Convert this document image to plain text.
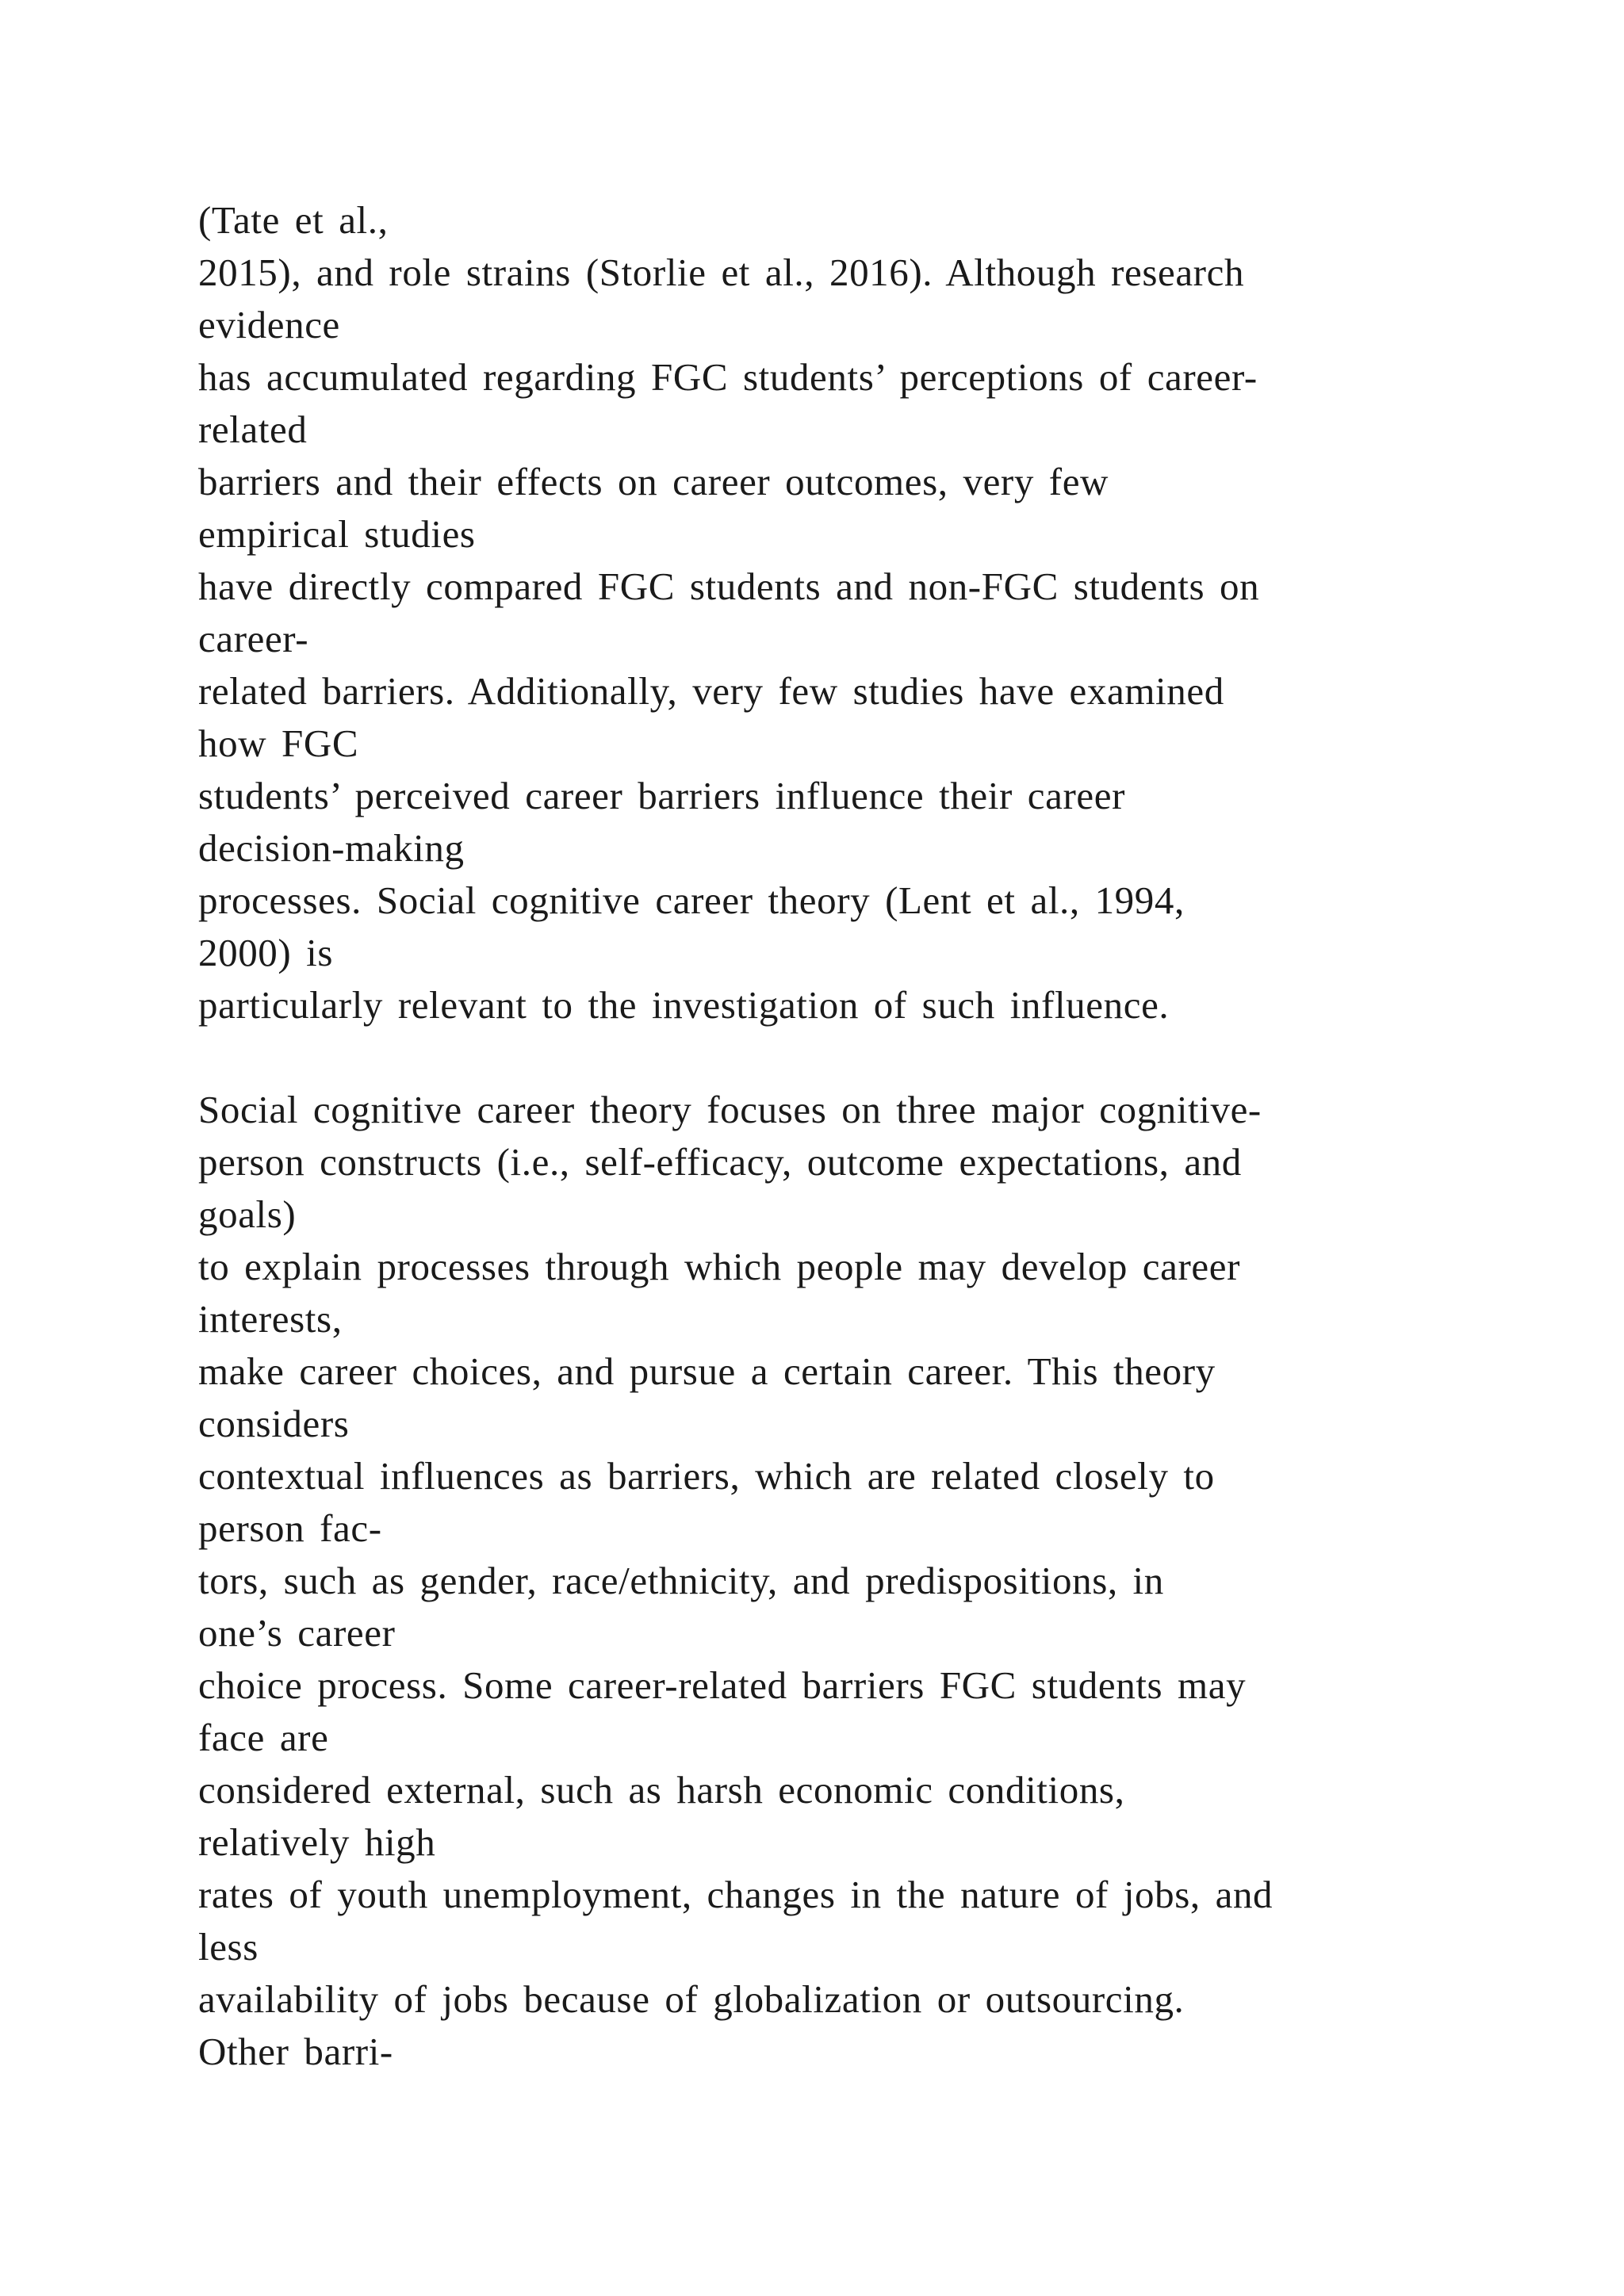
(Tate et al.,
2015), and role strains (Storlie et al., 2016). Although research
evidence
has accumulated regarding FGC students’ perceptions of career-
related
barriers and their effects on career outcomes, very few
empirical studies
have directly compared FGC students and non-FGC students on
career-
related barriers. Additionally, very few studies have examined
how FGC
students’ perceived career barriers influence their career
decision-making
processes. Social cognitive career theory (Lent et al., 1994,
2000) is
particularly relevant to the investigation of such influence.
Social cognitive career theory focuses on three major cognitive-
person constructs (i.e., self-efficacy, outcome expectations, and
goals)
to explain processes through which people may develop career
interests,
make career choices, and pursue a certain career. This theory
considers
contextual influences as barriers, which are related closely to
person fac-
tors, such as gender, race/ethnicity, and predispositions, in
one’s career
choice process. Some career-related barriers FGC students may
face are
considered external, such as harsh economic conditions,
relatively high
rates of youth unemployment, changes in the nature of jobs, and
less
availability of jobs because of globalization or outsourcing.
Other barri-
